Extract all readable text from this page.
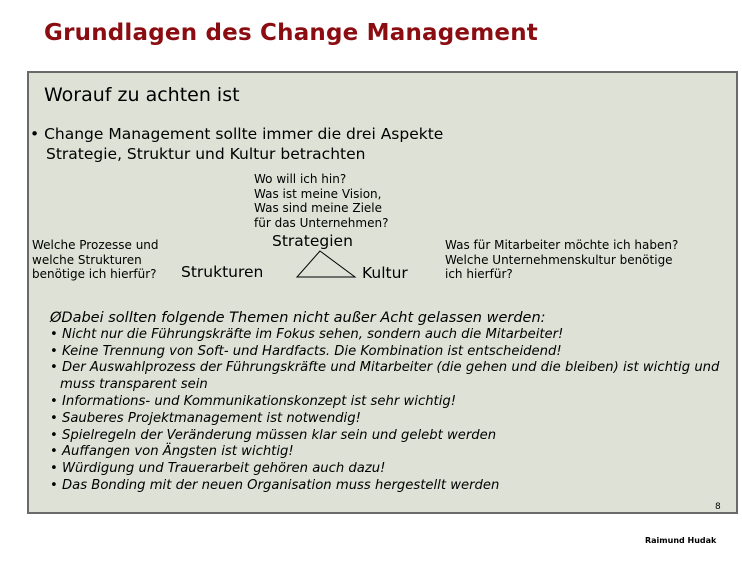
Grundlagen des Change Management
Worauf zu achten ist
• Change Management sollte immer die drei Aspekte
Strategie, Struktur und Kultur betrachten
Wo will ich hin?
Was ist meine Vision,
Was sind meine Ziele
für das Unternehmen?
Welche Prozesse und
welche Strukturen
benötige ich hierfür?
Was für Mitarbeiter möchte ich haben?
Welche Unternehmenskultur benötige
ich hierfür?
Strategien
Strukturen	Kultur
ØDabei sollten folgende Themen nicht außer Acht gelassen werden:
• Nicht nur die Führungskräfte im Fokus sehen, sondern auch die Mitarbeiter!
• Keine Trennung von Soft- und Hardfacts. Die Kombination ist entscheidend!
• Der Auswahlprozess der Führungskräfte und Mitarbeiter (die gehen und die bleiben) ist wichtig und muss transparent sein
• Informations- und Kommunikationskonzept ist sehr wichtig!
• Sauberes Projektmanagement ist notwendig!
• Spielregeln der Veränderung müssen klar sein und gelebt werden
• Auffangen von Ängsten ist wichtig!
• Würdigung und Trauerarbeit gehören auch dazu!
• Das Bonding mit der neuen Organisation muss hergestellt werden
8
Raimund Hudak
